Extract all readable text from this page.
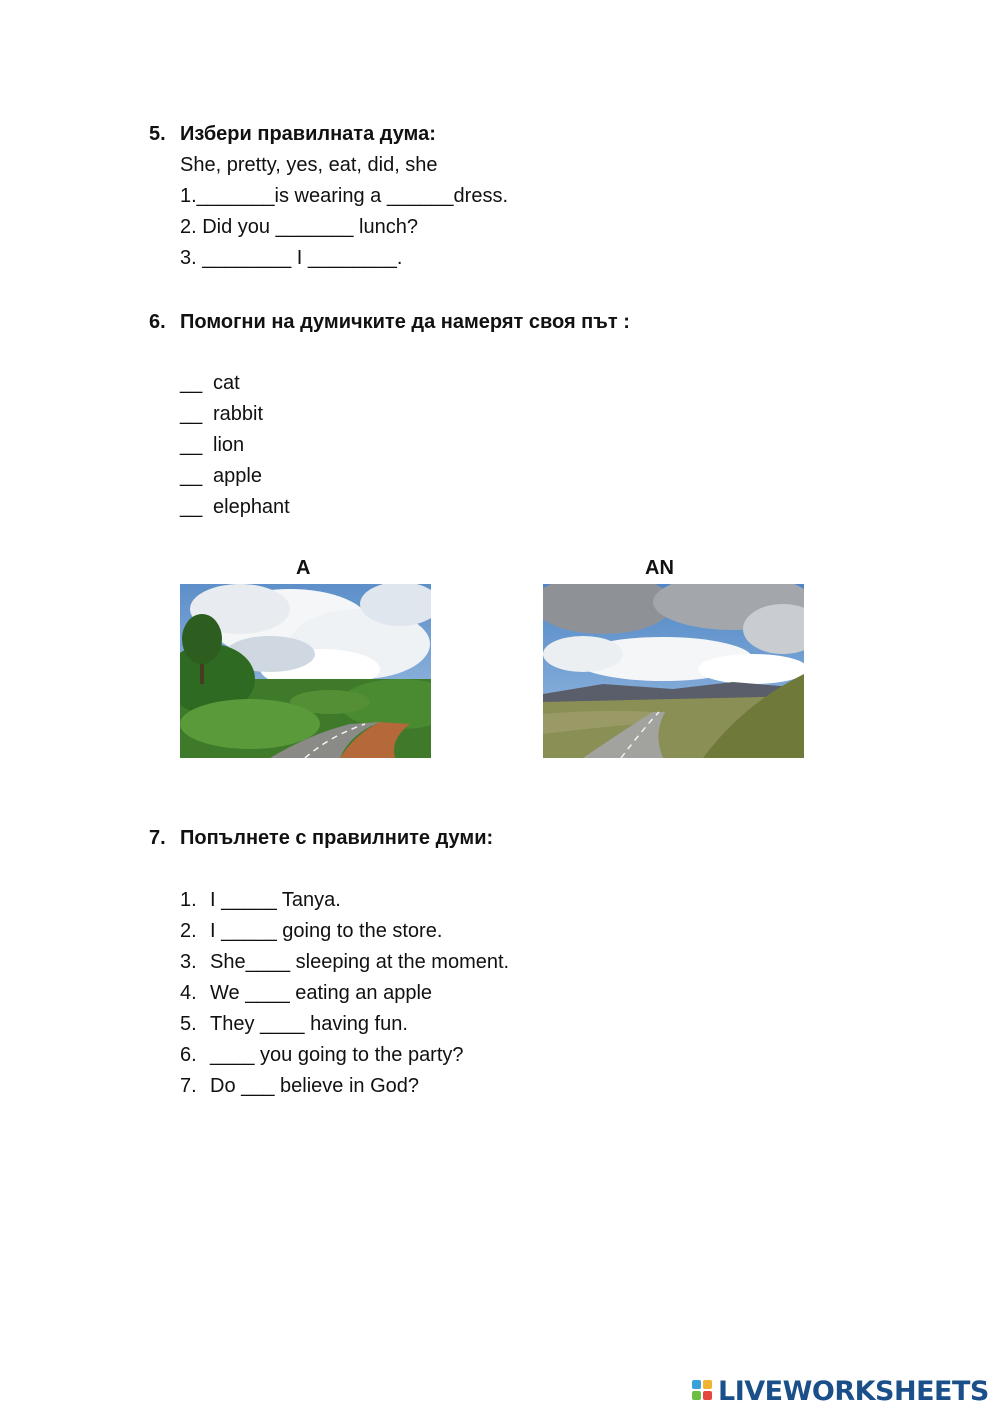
5. Избери правилната дума:
She, pretty, yes, eat, did, she
1._______is wearing a ______dress.
2. Did you _______ lunch?
3. ________ I ________.
6. Помогни на думичките да намерят своя път :
__ cat
__ rabbit
__ lion
__ apple
__ elephant
A	AN
7. Попълнете с правилните думи:
1. I _____ Tanya.
2. I _____ going to the store.
3. She____ sleeping at the moment.
4. We ____ eating an apple
5. They ____ having fun.
6. ____ you going to the party?
7. Do ___ believe in God?
LIVEWORKSHEETS
